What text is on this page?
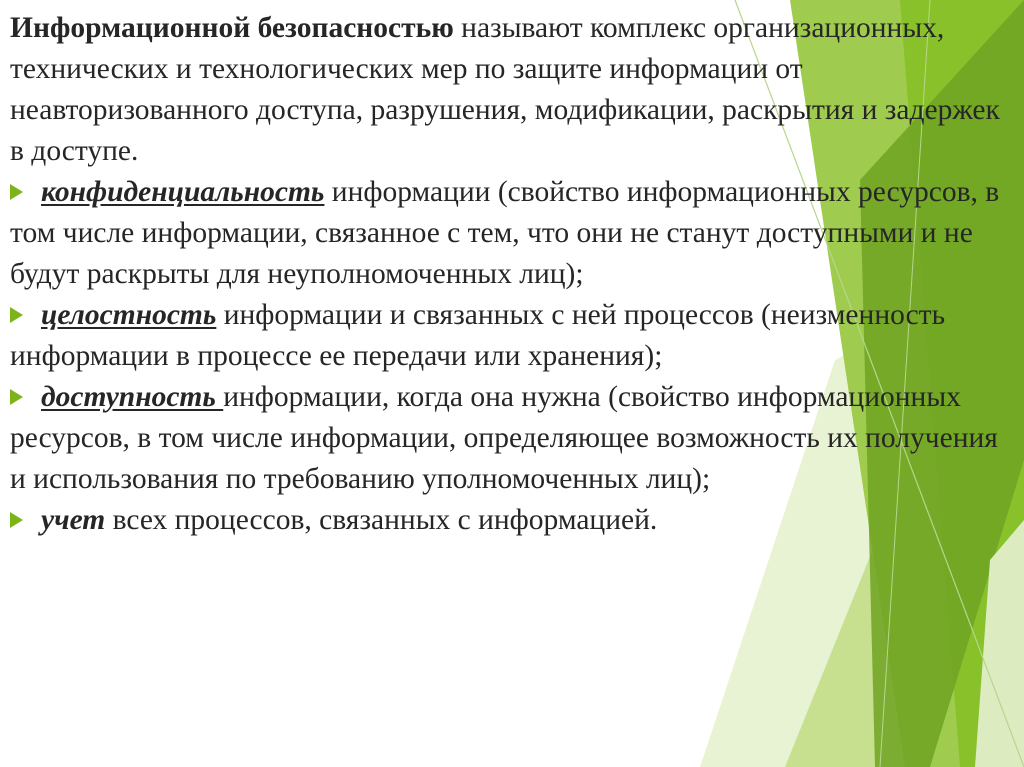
Информационной безопасностью называют комплекс организационных, технических и технологических мер по защите информации от неавторизованного доступа, разрушения, модификации, раскрытия и задержек в доступе.

конфиденциальность информации (свойство информационных ресурсов, в том числе информации, связанное с тем, что они не станут доступными и не будут раскрыты для неуполномоченных лиц);
целостность информации и связанных с ней процессов (неизменность информации в процессе ее передачи или хранения);
доступность информации, когда она нужна (свойство информационных ресурсов, в том числе информации, определяющее возможность их получения и использования по требованию уполномоченных лиц);
учет всех процессов, связанных с информацией.
